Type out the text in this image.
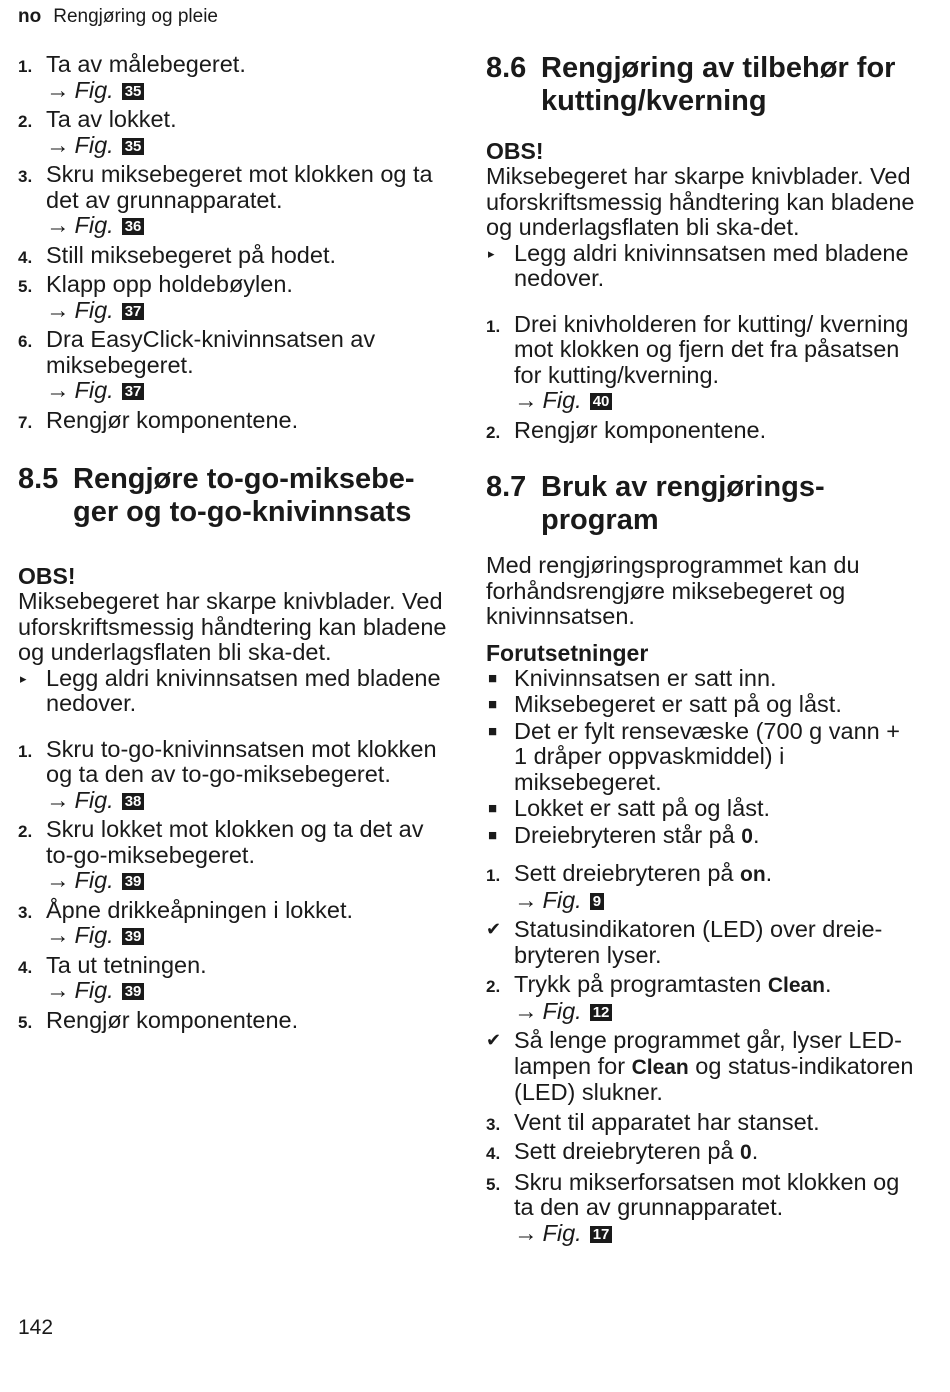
no Rengjøring og pleie
1. Ta av målebegeret.
→ Fig. 35
2. Ta av lokket.
→ Fig. 35
3. Skru miksebegeret mot klokken og ta det av grunnapparatet.
→ Fig. 36
4. Still miksebegeret på hodet.
5. Klapp opp holdebøylen.
→ Fig. 37
6. Dra EasyClick-knivinnsatsen av miksebegeret.
→ Fig. 37
7. Rengjør komponentene.
8.5 Rengjøre to-go-miksebe-ger og to-go-knivinnsats
OBS!
Miksebegeret har skarpe knivblader. Ved uforskriftsmessig håndtering kan bladene og underlagsflaten bli ska-det.
▸ Legg aldri knivinnsatsen med bladene nedover.
1. Skru to-go-knivinnsatsen mot klokken og ta den av to-go-miksebegeret.
→ Fig. 38
2. Skru lokket mot klokken og ta det av to-go-miksebegeret.
→ Fig. 39
3. Åpne drikkeåpningen i lokket.
→ Fig. 39
4. Ta ut tetningen.
→ Fig. 39
5. Rengjør komponentene.
8.6 Rengjøring av tilbehør for kutting/kverning
OBS!
Miksebegeret har skarpe knivblader. Ved uforskriftsmessig håndtering kan bladene og underlagsflaten bli ska-det.
▸ Legg aldri knivinnsatsen med bladene nedover.
1. Drei knivholderen for kutting/ kverning mot klokken og fjern det fra påsatsen for kutting/kverning.
→ Fig. 40
2. Rengjør komponentene.
8.7 Bruk av rengjørings-program
Med rengjøringsprogrammet kan du forhåndsrengjøre miksebegeret og knivinnsatsen.
Forutsetninger
■ Knivinnsatsen er satt inn.
■ Miksebegeret er satt på og låst.
■ Det er fylt rensevæske (700 g vann + 1 dråper oppvaskmiddel) i miksebegeret.
■ Lokket er satt på og låst.
■ Dreiebryteren står på 0.
1. Sett dreiebryteren på on.
→ Fig. 9
✔ Statusindikatoren (LED) over dreie-bryteren lyser.
2. Trykk på programtasten Clean.
→ Fig. 12
✔ Så lenge programmet går, lyser LED-lampen for Clean og status-indikatoren (LED) slukner.
3. Vent til apparatet har stanset.
4. Sett dreiebryteren på 0.
5. Skru mikserforsatsen mot klokken og ta den av grunnapparatet.
→ Fig. 17
142
